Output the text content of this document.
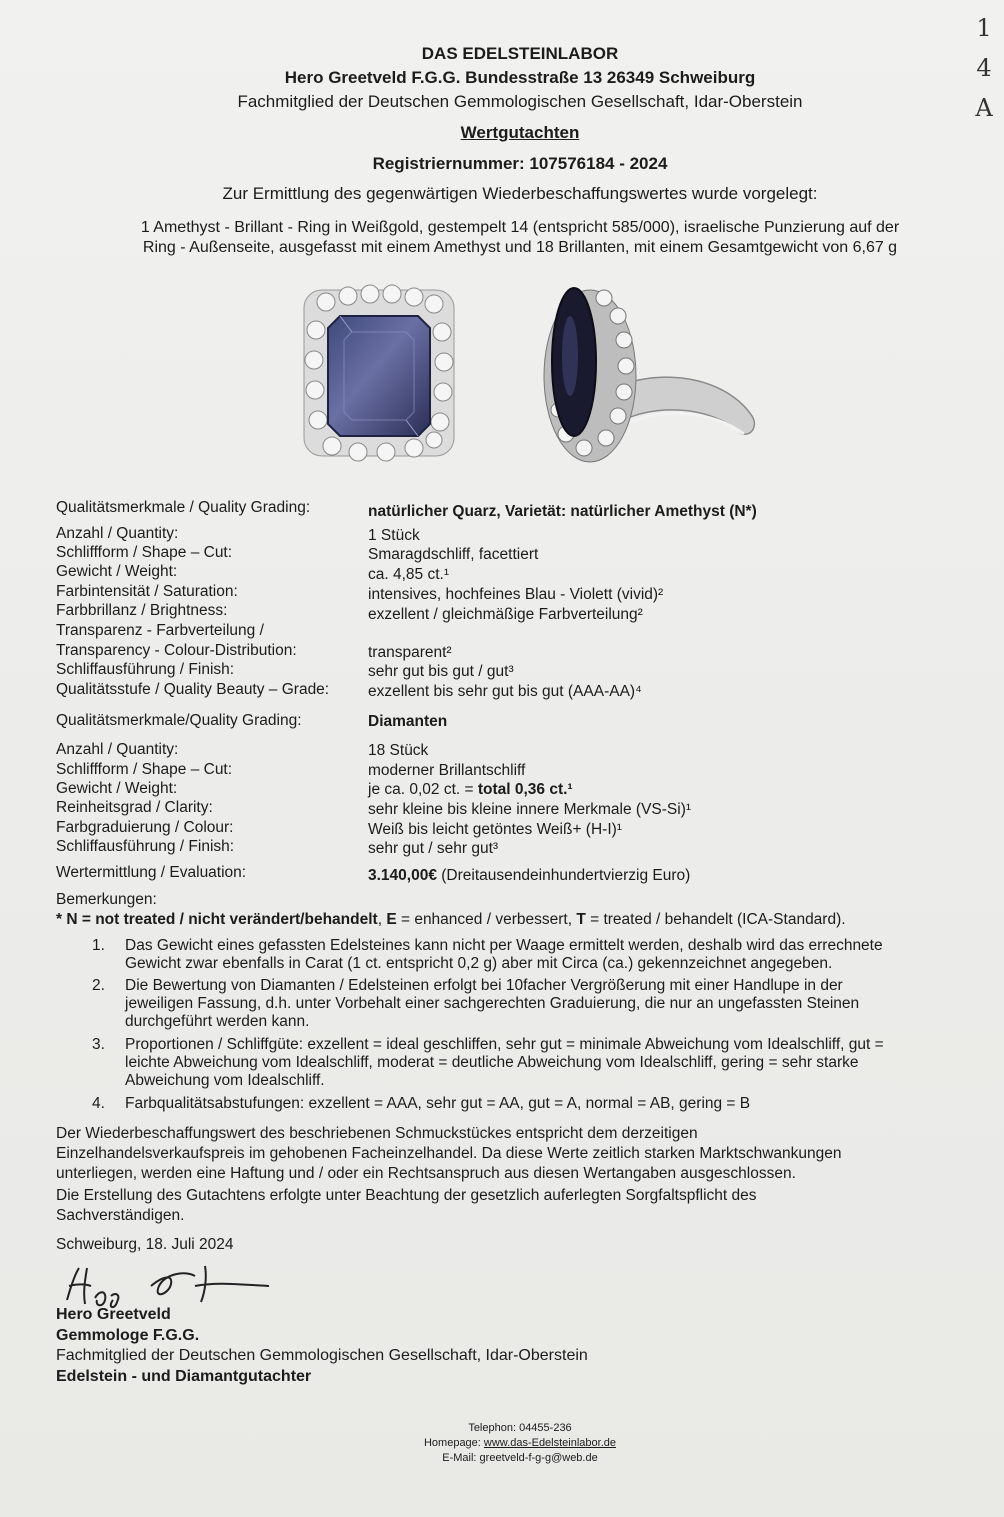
DAS EDELSTEINLABOR
Hero Greetveld F.G.G. Bundesstraße 13 26349 Schweiburg
Fachmitglied der Deutschen Gemmologischen Gesellschaft, Idar-Oberstein
Wertgutachten
Registriernummer: 107576184 - 2024
Zur Ermittlung des gegenwärtigen Wiederbeschaffungswertes wurde vorgelegt:
1 Amethyst - Brillant - Ring in Weißgold, gestempelt 14 (entspricht 585/000), israelische Punzierung auf der
Ring - Außenseite, ausgefasst mit einem Amethyst und 18 Brillanten, mit einem Gesamtgewicht von 6,67 g
Qualitätsmerkmale / Quality Grading:	natürlicher Quarz, Varietät: natürlicher Amethyst (N*)
Anzahl / Quantity:	1 Stück
Schliffform / Shape – Cut:	Smaragdschliff, facettiert
Gewicht / Weight:	ca. 4,85 ct.¹
Farbintensität / Saturation:	intensives, hochfeines Blau - Violett (vivid)²
Farbbrillanz / Brightness:	exzellent / gleichmäßige Farbverteilung²
Transparenz - Farbverteilung /
Transparency - Colour-Distribution:	transparent²
Schliffausführung / Finish:	sehr gut bis gut / gut³
Qualitätsstufe / Quality Beauty – Grade:	exzellent bis sehr gut bis gut (AAA-AA)⁴
Qualitätsmerkmale/Quality Grading:	Diamanten
Anzahl / Quantity:	18 Stück
Schliffform / Shape – Cut:	moderner Brillantschliff
Gewicht / Weight:	je ca. 0,02 ct. = total 0,36 ct.¹
Reinheitsgrad / Clarity:	sehr kleine bis kleine innere Merkmale (VS-Si)¹
Farbgraduierung / Colour:	Weiß bis leicht getöntes Weiß+ (H-I)¹
Schliffausführung / Finish:	sehr gut / sehr gut³
Wertermittlung / Evaluation:	3.140,00€ (Dreitausendeinhundertvierzig Euro)
Bemerkungen:
* N = not treated / nicht verändert/behandelt, E = enhanced / verbessert, T = treated / behandelt (ICA-Standard).
1.	Das Gewicht eines gefassten Edelsteines kann nicht per Waage ermittelt werden, deshalb wird das errechnete
Gewicht zwar ebenfalls in Carat (1 ct. entspricht 0,2 g) aber mit Circa (ca.) gekennzeichnet angegeben.
2.	Die Bewertung von Diamanten / Edelsteinen erfolgt bei 10facher Vergrößerung mit einer Handlupe in der
jeweiligen Fassung, d.h. unter Vorbehalt einer sachgerechten Graduierung, die nur an ungefassten Steinen
durchgeführt werden kann.
3.	Proportionen / Schliffgüte: exzellent = ideal geschliffen, sehr gut = minimale Abweichung vom Idealschliff, gut =
leichte Abweichung vom Idealschliff, moderat = deutliche Abweichung vom Idealschliff, gering = sehr starke
Abweichung vom Idealschliff.
4.	Farbqualitätsabstufungen: exzellent = AAA, sehr gut = AA, gut = A, normal = AB, gering = B
Der Wiederbeschaffungswert des beschriebenen Schmuckstückes entspricht dem derzeitigen
Einzelhandelsverkaufspreis im gehobenen Facheinzelhandel. Da diese Werte zeitlich starken Marktschwankungen
unterliegen, werden eine Haftung und / oder ein Rechtsanspruch aus diesen Wertangaben ausgeschlossen.
Die Erstellung des Gutachtens erfolgte unter Beachtung der gesetzlich auferlegten Sorgfaltspflicht des
Sachverständigen.
Schweiburg, 18. Juli 2024
Hero Greetveld
Gemmologe F.G.G.
Fachmitglied der Deutschen Gemmologischen Gesellschaft, Idar-Oberstein
Edelstein - und Diamantgutachter
Telephon: 04455-236
Homepage: www.das-Edelsteinlabor.de
E-Mail: greetveld-f-g-g@web.de
1
4
A
